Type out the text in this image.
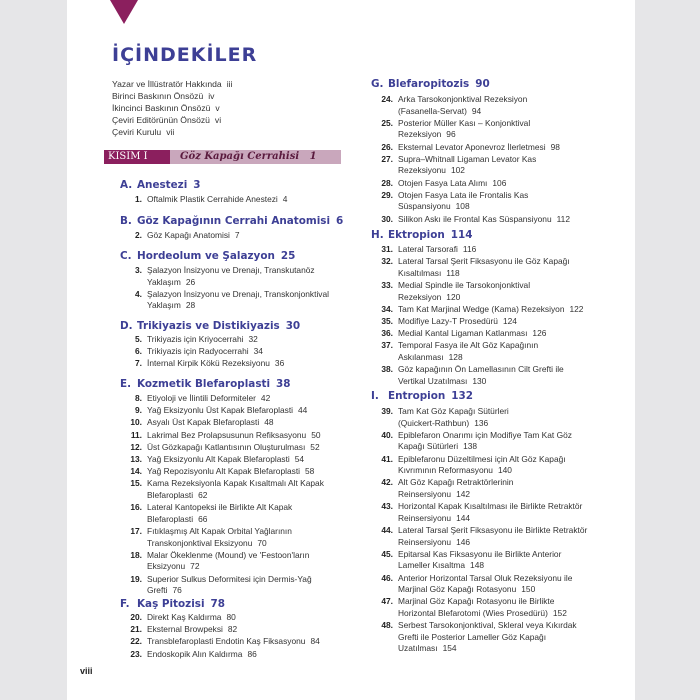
İÇİNDEKİLER
Yazar ve İllüstratör Hakkında iii
Birinci Baskının Önsözü iv
İkincinci Baskının Önsözü v
Çeviri Editörünün Önsözü vi
Çeviri Kurulu vii
KISIM I	Göz Kapağı Cerrahisi 1
A. Anestezi 3
1. Oftalmik Plastik Cerrahide Anestezi 4
B. Göz Kapağının Cerrahi Anatomisi 6
2. Göz Kapağı Anatomisi 7
C. Hordeolum ve Şalazyon 25
3. Şalazyon İnsizyonu ve Drenajı, Transkutanöz
Yaklaşım 26
4. Şalazyon İnsizyonu ve Drenajı, Transkonjonktival
Yaklaşım 28
D. Trikiyazis ve Distikiyazis 30
5. Trikiyazis için Kriyocerrahi 32
6. Trikiyazis için Radyocerrahi 34
7. İnternal Kirpik Kökü Rezeksiyonu 36
E. Kozmetik Blefaroplasti 38
8. Etiyoloji ve İlintili Deformiteler 42
9. Yağ Eksizyonlu Üst Kapak Blefaroplasti 44
10. Asyalı Üst Kapak Blefaroplasti 48
11. Lakrimal Bez Prolapsusunun Refiksasyonu 50
12. Üst Gözkapağı Katlantısının Oluşturulması 52
13. Yağ Eksizyonlu Alt Kapak Blefaroplasti 54
14. Yağ Repozisyonlu Alt Kapak Blefaroplasti 58
15. Kama Rezeksiyonla Kapak Kısaltmalı Alt Kapak
Blefaroplasti 62
16. Lateral Kantopeksi ile Birlikte Alt Kapak
Blefaroplasti 66
17. Fıtıklaşmış Alt Kapak Orbital Yağlarının
Transkonjonktival Eksizyonu 70
18. Malar Ökeklenme (Mound) ve 'Festoon'ların
Eksizyonu 72
19. Superior Sulkus Deformitesi için Dermis-Yağ
Grefti 76
F. Kaş Pitozisi 78
20. Direkt Kaş Kaldırma 80
21. Eksternal Browpeksi 82
22. Transblefaroplasti Endotin Kaş Fiksasyonu 84
23. Endoskopik Alın Kaldırma 86
G. Blefaropitozis 90
24. Arka Tarsokonjonktival Rezeksiyon
(Fasanella-Servat) 94
25. Posterior Müller Kası – Konjonktival
Rezeksiyon 96
26. Eksternal Levator Aponevroz İlerletmesi 98
27. Supra–Whitnall Ligaman Levator Kas
Rezeksiyonu 102
28. Otojen Fasya Lata Alımı 106
29. Otojen Fasya Lata ile Frontalis Kas
Süspansiyonu 108
30. Silikon Askı ile Frontal Kas Süspansiyonu 112
H. Ektropion 114
31. Lateral Tarsorafi 116
32. Lateral Tarsal Şerit Fiksasyonu ile Göz Kapağı
Kısaltılması 118
33. Medial Spindle ile Tarsokonjonktival
Rezeksiyon 120
34. Tam Kat Marjinal Wedge (Kama) Rezeksiyon 122
35. Modifiye Lazy-T Prosedürü 124
36. Medial Kantal Ligaman Katlanması 126
37. Temporal Fasya ile Alt Göz Kapağının
Askılanması 128
38. Göz kapağının Ön Lamellasının Cilt Grefti ile
Vertikal Uzatılması 130
I. Entropion 132
39. Tam Kat Göz Kapağı Sütürleri
(Quickert-Rathbun) 136
40. Epiblefaron Onarımı için Modifiye Tam Kat Göz
Kapağı Sütürleri 138
41. Epiblefaronu Düzeltilmesi için Alt Göz Kapağı
Kıvrımının Reformasyonu 140
42. Alt Göz Kapağı Retraktörlerinin
Reinsersiyonu 142
43. Horizontal Kapak Kısaltılması ile Birlikte Retraktör
Reinsersiyonu 144
44. Lateral Tarsal Şerit Fiksasyonu ile Birlikte Retraktör
Reinsersiyonu 146
45. Epitarsal Kas Fiksasyonu ile Birlikte Anterior
Lameller Kısaltma 148
46. Anterior Horizontal Tarsal Oluk Rezeksiyonu ile
Marjinal Göz Kapağı Rotasyonu 150
47. Marjinal Göz Kapağı Rotasyonu ile Birlikte
Horizontal Blefarotomi (Wies Prosedürü) 152
48. Serbest Tarsokonjonktival, Skleral veya Kıkırdak
Grefti ile Posterior Lameller Göz Kapağı
Uzatılması 154
viii
